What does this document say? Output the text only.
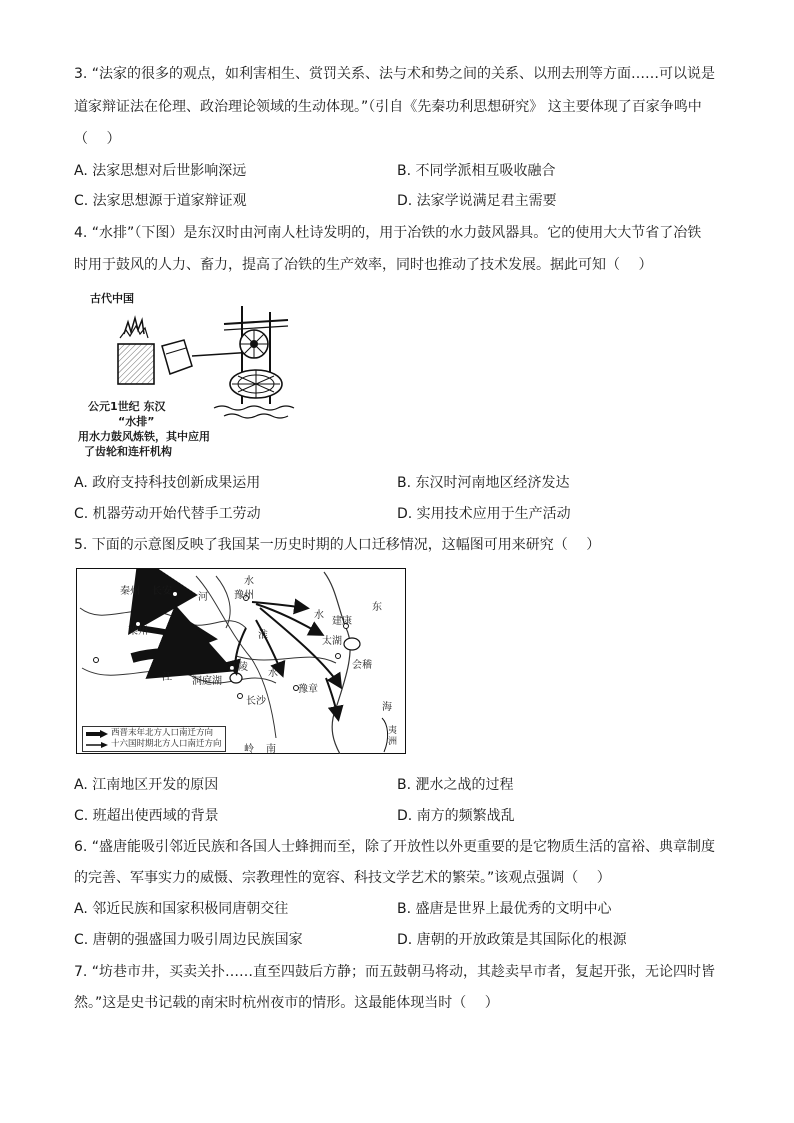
3. “法家的很多的观点，如利害相生、赏罚关系、法与术和势之间的关系、以刑去刑等方面……可以说是
道家辩证法在伦理、政治理论领域的生动体现。”（引自《先秦功利思想研究》 这主要体现了百家争鸣中
（　 ）
A. 法家思想对后世影响深远	B. 不同学派相互吸收融合
C. 法家思想源于道家辩证观	D. 法家学说满足君主需要
4. “水排”（下图）是东汉时由河南人杜诗发明的，用于冶铁的水力鼓风器具。它的使用大大节省了冶铁
时用于鼓风的人力、畜力，提高了冶铁的生产效率，同时也推动了技术发展。据此可知（　 ）
古代中国
公元1世纪 东汉
“水排”
用水力鼓风炼铁，其中应用
了齿轮和连杆机构
A. 政府支持科技创新成果运用	B. 东汉时河南地区经济发达
C. 机器劳动开始代替手工劳动	D. 实用技术应用于生产活动
5. 下面的示意图反映了我国某一历史时期的人口迁移情况，这幅图可用来研究（　 ）
秦州 长安
河
水
豫州
东
梁州
水
建康
淮
太湖
会稽
江 洞庭湖
江陵
水
长沙
豫章
海
南
岭
夷洲
西晋末年北方人口南迁方向
十六国时期北方人口南迁方向
A. 江南地区开发的原因	B. 淝水之战的过程
C. 班超出使西域的背景	D. 南方的频繁战乱
6. “盛唐能吸引邻近民族和各国人士蜂拥而至，除了开放性以外更重要的是它物质生活的富裕、典章制度
的完善、军事实力的威慑、宗教理性的宽容、科技文学艺术的繁荣。”该观点强调（　 ）
A. 邻近民族和国家积极同唐朝交往	B. 盛唐是世界上最优秀的文明中心
C. 唐朝的强盛国力吸引周边民族国家	D. 唐朝的开放政策是其国际化的根源
7. “坊巷市井，买卖关扑……直至四鼓后方静；而五鼓朝马将动，其趁卖早市者，复起开张，无论四时皆
然。”这是史书记载的南宋时杭州夜市的情形。这最能体现当时（　 ）
